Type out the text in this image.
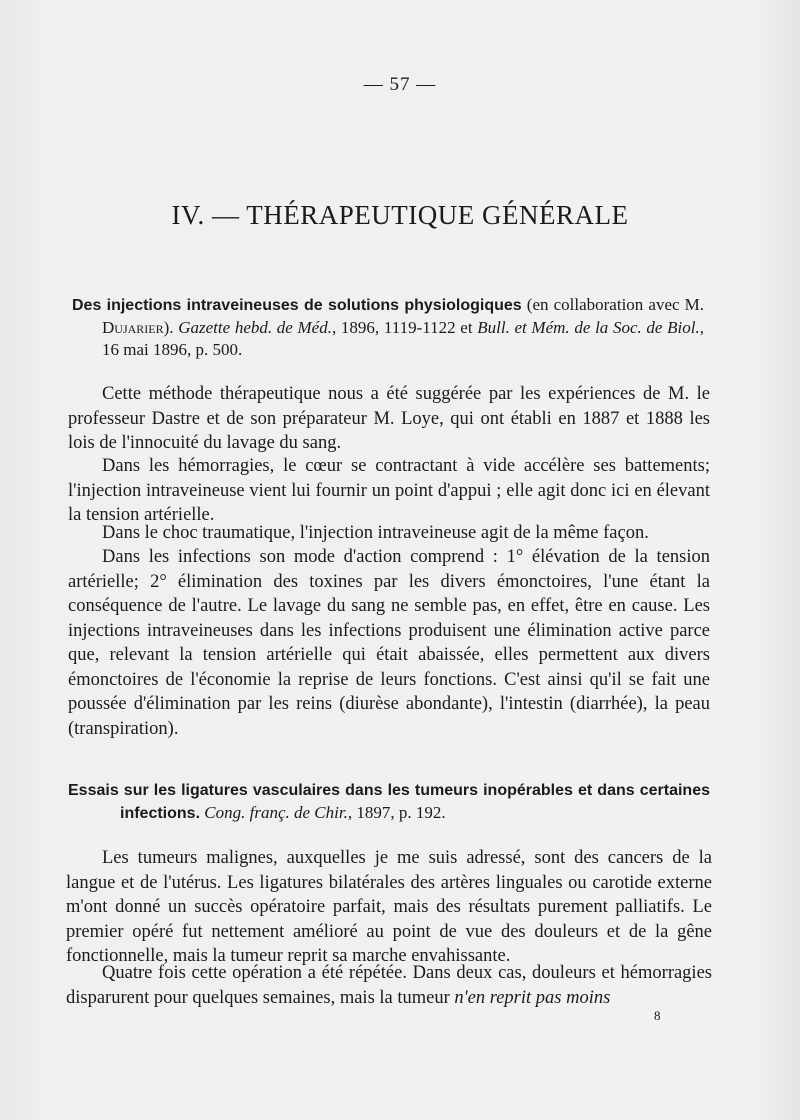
— 57 —
IV. — THÉRAPEUTIQUE GÉNÉRALE
Des injections intraveineuses de solutions physiologiques (en collaboration avec M. Dujarier). Gazette hebd. de Méd., 1896, 1119-1122 et Bull. et Mém. de la Soc. de Biol., 16 mai 1896, p. 500.
Cette méthode thérapeutique nous a été suggérée par les expériences de M. le professeur Dastre et de son préparateur M. Loye, qui ont établi en 1887 et 1888 les lois de l'innocuité du lavage du sang.
Dans les hémorragies, le cœur se contractant à vide accélère ses battements; l'injection intraveineuse vient lui fournir un point d'appui ; elle agit donc ici en élevant la tension artérielle.
Dans le choc traumatique, l'injection intraveineuse agit de la même façon.
Dans les infections son mode d'action comprend : 1° élévation de la tension artérielle; 2° élimination des toxines par les divers émonctoires, l'une étant la conséquence de l'autre. Le lavage du sang ne semble pas, en effet, être en cause. Les injections intraveineuses dans les infections produisent une élimination active parce que, relevant la tension artérielle qui était abaissée, elles permettent aux divers émonctoires de l'économie la reprise de leurs fonctions. C'est ainsi qu'il se fait une poussée d'élimination par les reins (diurèse abondante), l'intestin (diarrhée), la peau (transpiration).
Essais sur les ligatures vasculaires dans les tumeurs inopérables et dans certaines infections. Cong. franç. de Chir., 1897, p. 192.
Les tumeurs malignes, auxquelles je me suis adressé, sont des cancers de la langue et de l'utérus. Les ligatures bilatérales des artères linguales ou carotide externe m'ont donné un succès opératoire parfait, mais des résultats purement palliatifs. Le premier opéré fut nettement amélioré au point de vue des douleurs et de la gêne fonctionnelle, mais la tumeur reprit sa marche envahissante.
Quatre fois cette opération a été répétée. Dans deux cas, douleurs et hémorragies disparurent pour quelques semaines, mais la tumeur n'en reprit pas moins
8
